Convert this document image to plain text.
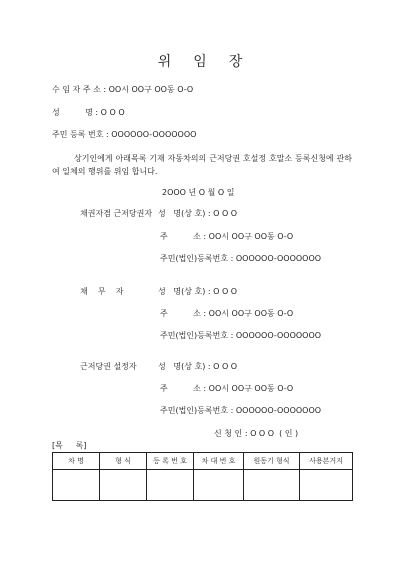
위 임 장
수 임 자 주 소 : OO시 OO구 OO동 O-O
성          명 : O O O
주민 등록 번호 : OOOOOO-OOOOOOO
상기인에게 아래목록 기재 자동차의의 근저당권 호설정 호말소 등록신청에 관하여 일체의 행위를 위임 합니다.
2OOO 년 O 월 O 일
채권자겸 근저당권자 성   명(상 호) : O O O
주          소 : OO시 OO구 OO동 O-O
주민(법인)등록번호 : OOOOOO-OOOOOOO
채    무    자	성   명(상 호) : O O O
주          소 : OO시 OO구 OO동 O-O
주민(법인)등록번호 : OOOOOO-OOOOOOO
근저당권 설정자	성   명(상 호) : O O O
주          소 : OO시 OO구 OO동 O-O
주민(법인)등록번호 : OOOOOO-OOOOOOO
신 청 인 : O O O  ( 인 )
[목     록]
차 명	형 식	등 록 번 호	차 대 번 호	원동기 형식	사용본거지
